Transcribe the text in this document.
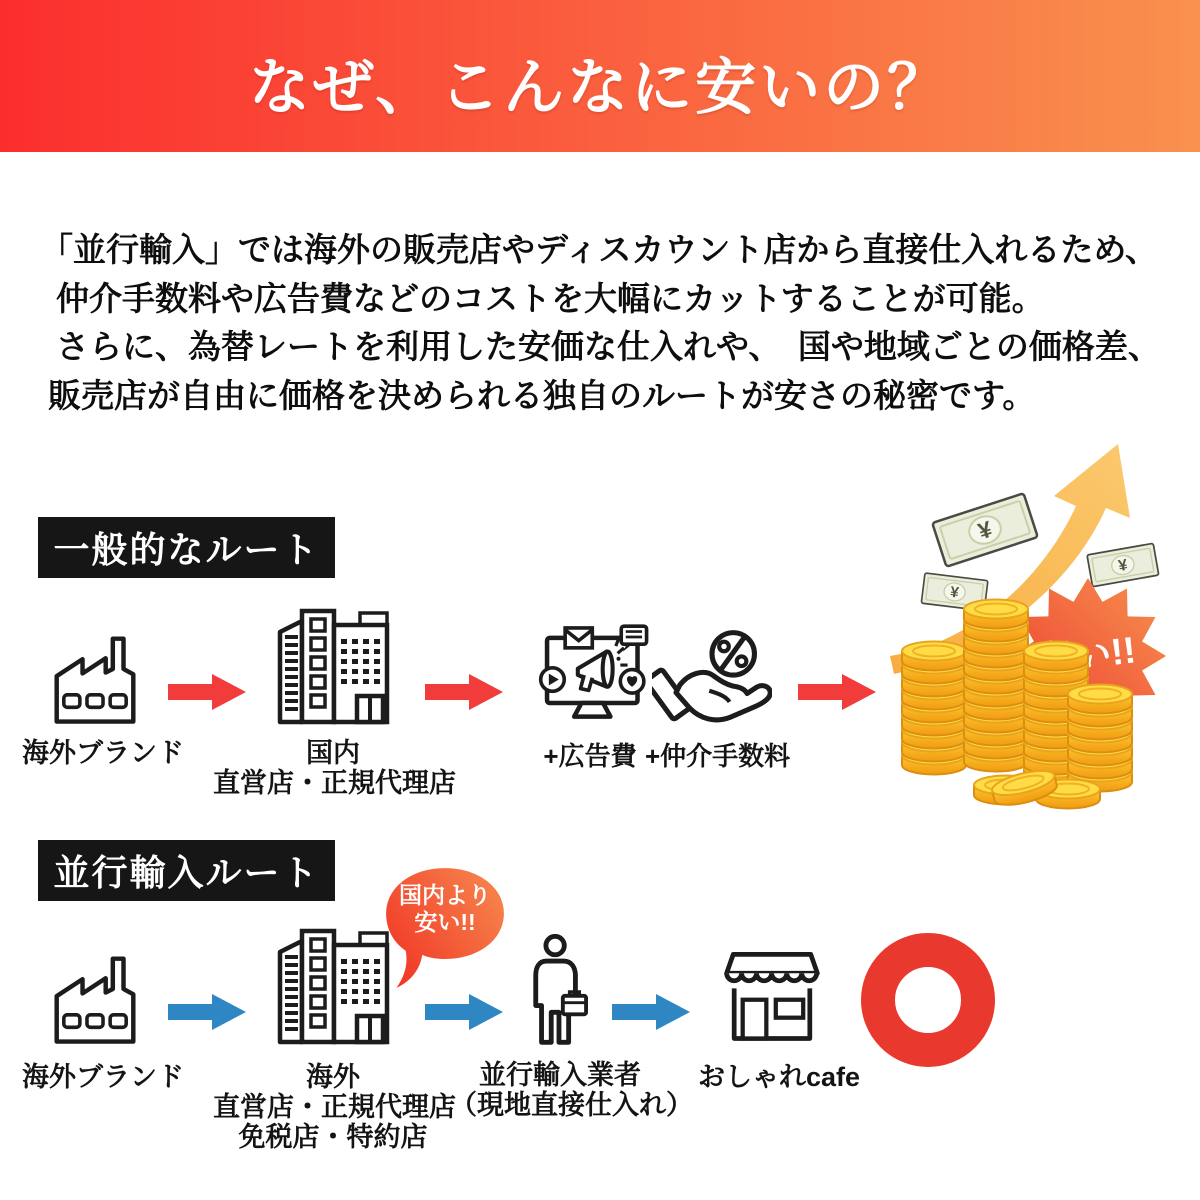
なぜ、こんなに安いの？
「並行輸入」では海外の販売店やディスカウント店から直接仕入れるため、
仲介手数料や広告費などのコストを大幅にカットすることが可能。
さらに、為替レートを利用した安価な仕入れや、　国や地域ごとの価格差、
販売店が自由に価格を決められる独自のルートが安さの秘密です。
一般的なルート
¥
海外ブランド	国内
直営店・正規代理店
+広告費 +仲介手数料
並行輸入ルート
国内より
安い!!
海外ブランド	海外
直営店・正規代理店
免税店・特約店
並行輸入業者
（現地直接仕入れ）
おしゃれcafe
